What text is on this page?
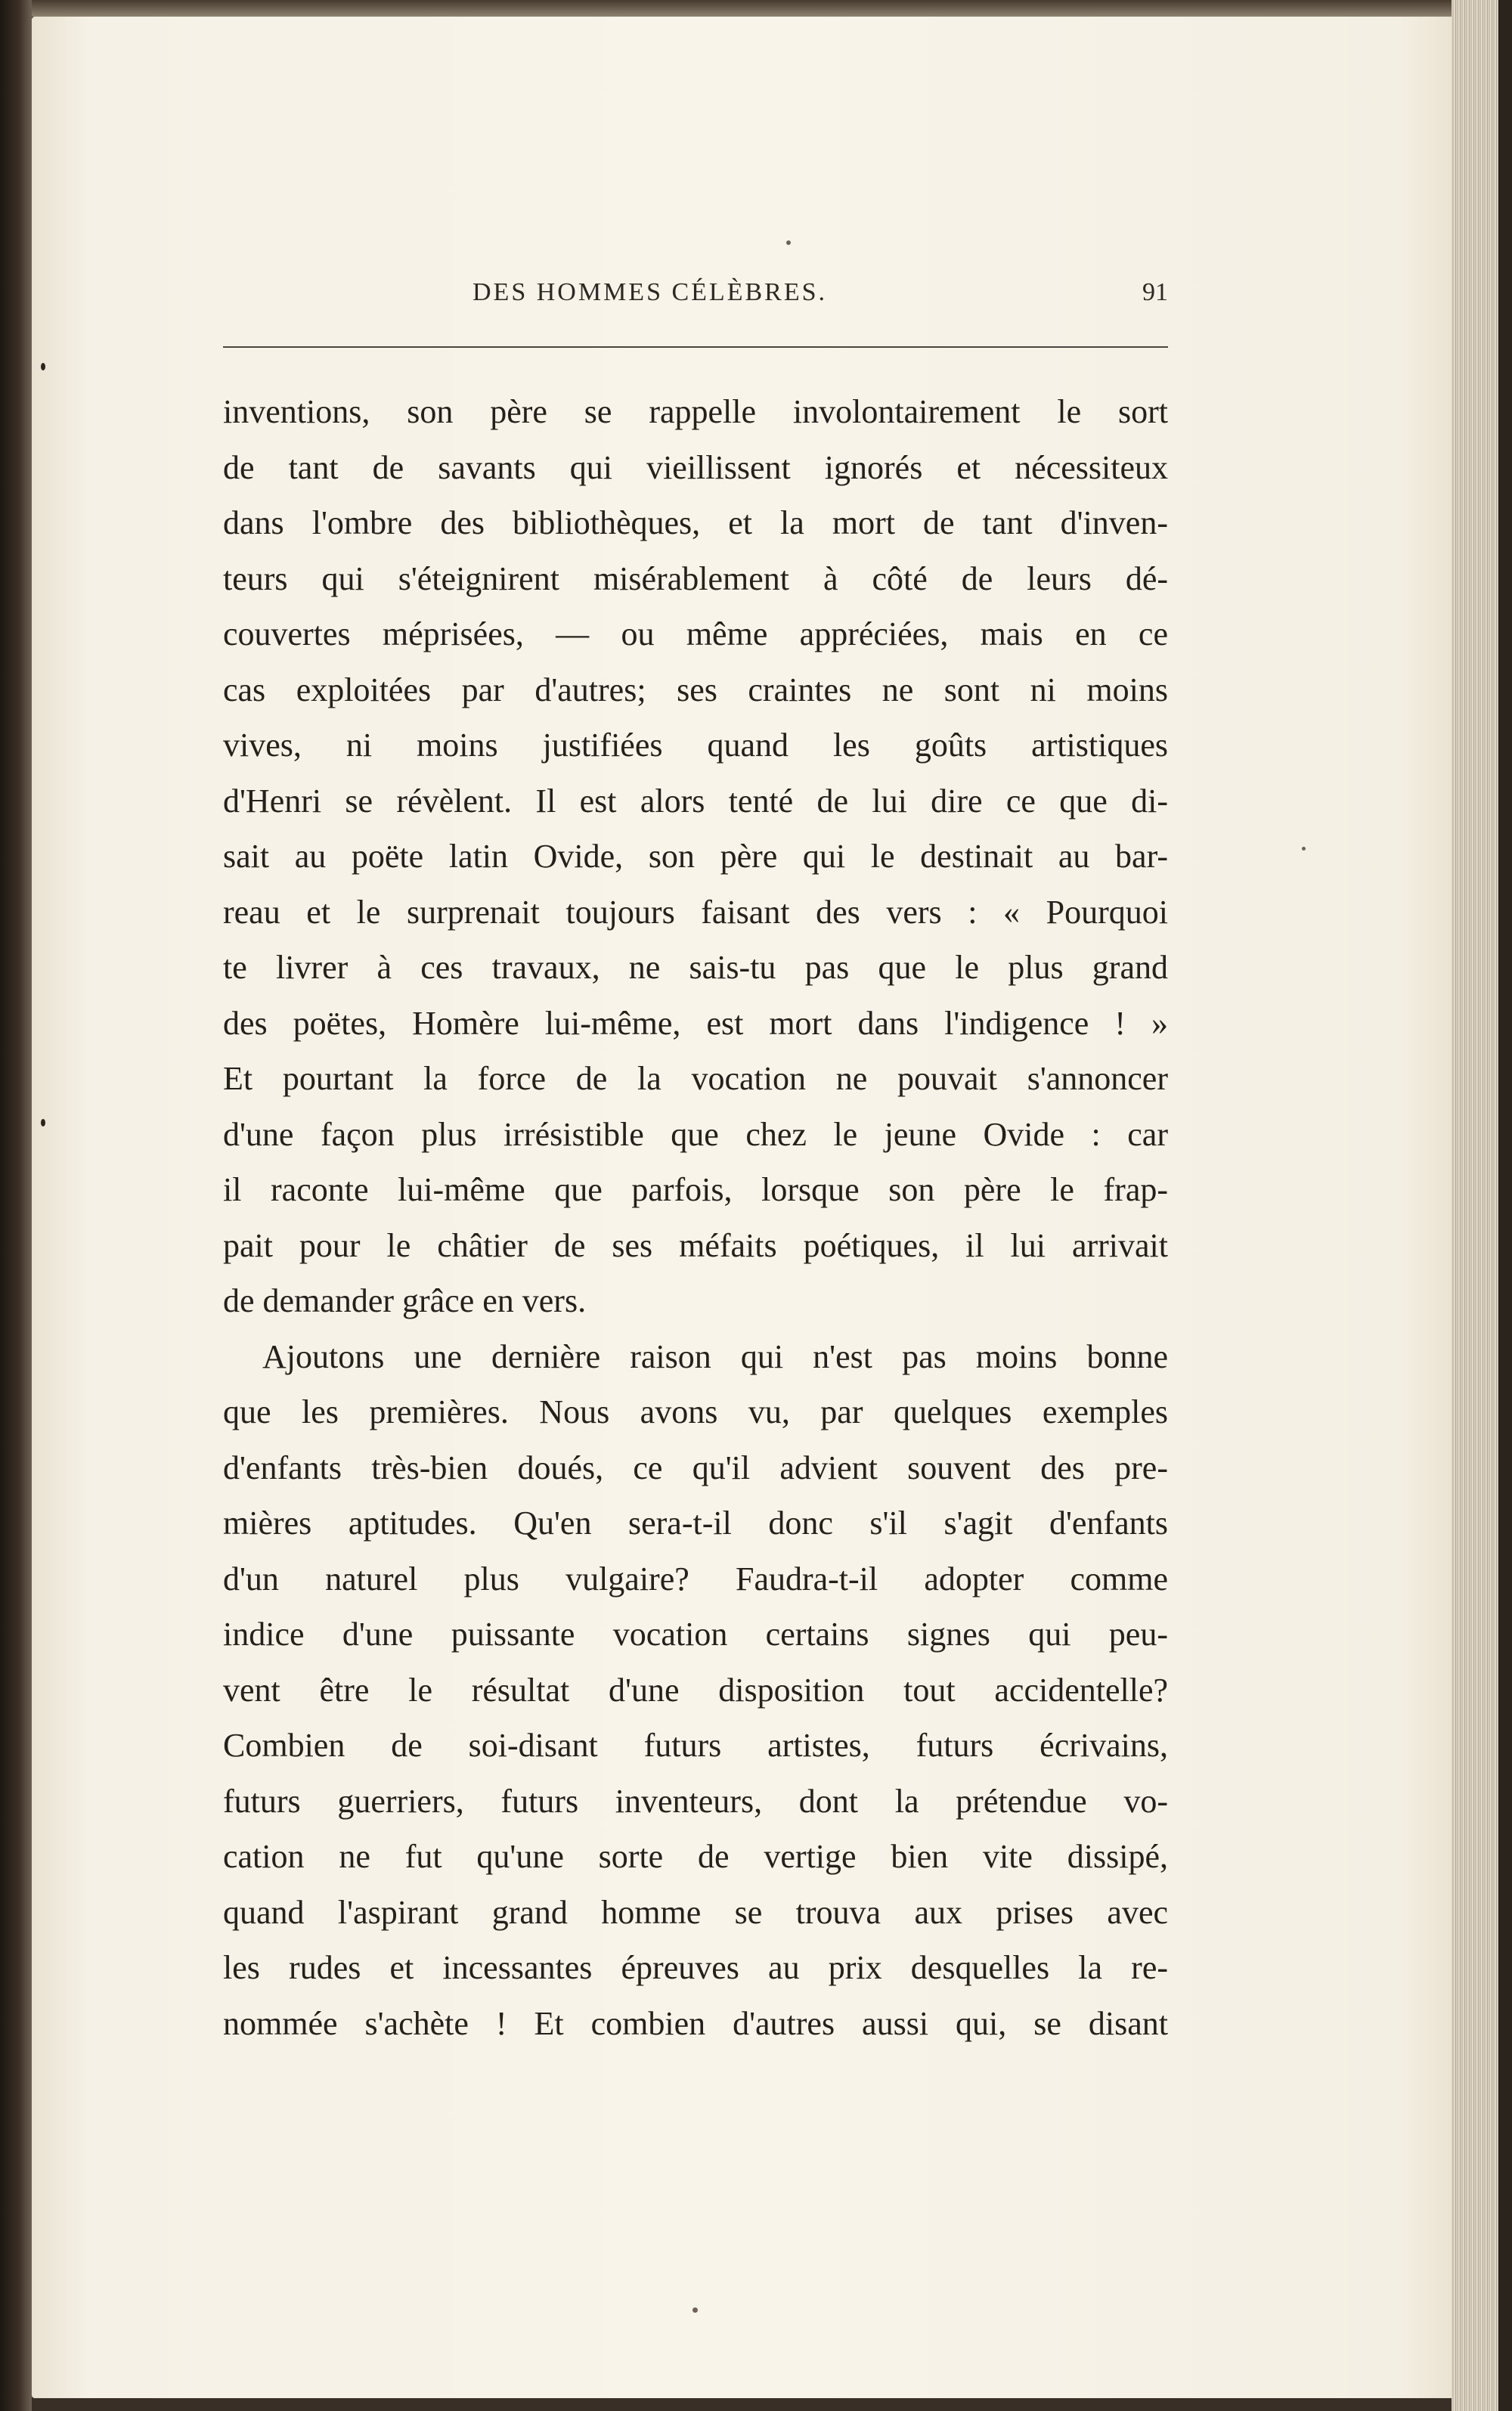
DES HOMMES CÉLÈBRES.	91
inventions, son père se rappelle involontairement le sort
de tant de savants qui vieillissent ignorés et nécessiteux
dans l'ombre des bibliothèques, et la mort de tant d'inven-
teurs qui s'éteignirent misérablement à côté de leurs dé-
couvertes méprisées, — ou même appréciées, mais en ce
cas exploitées par d'autres; ses craintes ne sont ni moins
vives, ni moins justifiées quand les goûts artistiques
d'Henri se révèlent. Il est alors tenté de lui dire ce que di-
sait au poëte latin Ovide, son père qui le destinait au bar-
reau et le surprenait toujours faisant des vers : « Pourquoi
te livrer à ces travaux, ne sais-tu pas que le plus grand
des poëtes, Homère lui-même, est mort dans l'indigence ! »
Et pourtant la force de la vocation ne pouvait s'annoncer
d'une façon plus irrésistible que chez le jeune Ovide : car
il raconte lui-même que parfois, lorsque son père le frap-
pait pour le châtier de ses méfaits poétiques, il lui arrivait
de demander grâce en vers.
Ajoutons une dernière raison qui n'est pas moins bonne
que les premières. Nous avons vu, par quelques exemples
d'enfants très-bien doués, ce qu'il advient souvent des pre-
mières aptitudes. Qu'en sera-t-il donc s'il s'agit d'enfants
d'un naturel plus vulgaire? Faudra-t-il adopter comme
indice d'une puissante vocation certains signes qui peu-
vent être le résultat d'une disposition tout accidentelle?
Combien de soi-disant futurs artistes, futurs écrivains,
futurs guerriers, futurs inventeurs, dont la prétendue vo-
cation ne fut qu'une sorte de vertige bien vite dissipé,
quand l'aspirant grand homme se trouva aux prises avec
les rudes et incessantes épreuves au prix desquelles la re-
nommée s'achète ! Et combien d'autres aussi qui, se disant
